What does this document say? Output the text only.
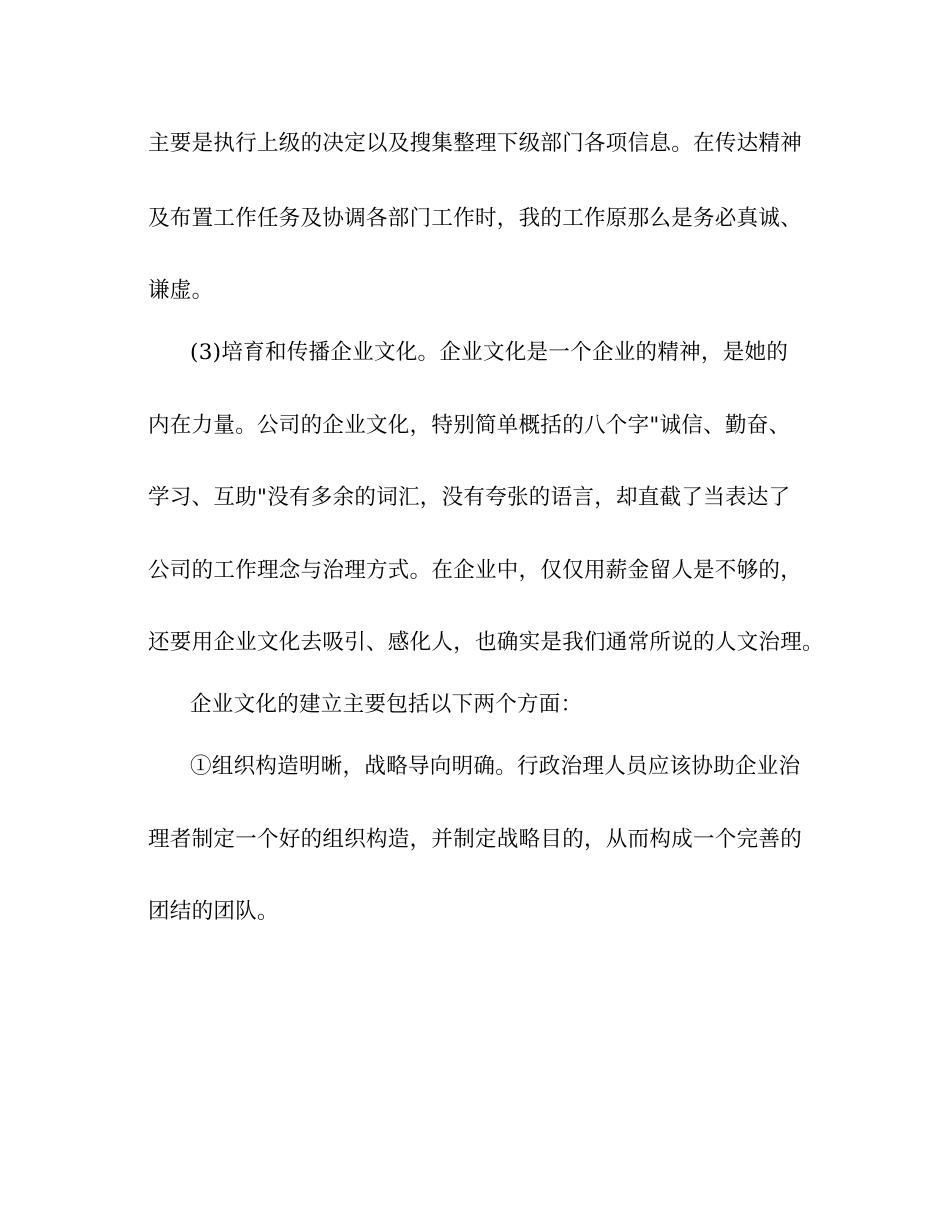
主要是执行上级的决定以及搜集整理下级部门各项信息。在传达精神
及布置工作任务及协调各部门工作时，我的工作原那么是务必真诚、
谦虚。
(3)培育和传播企业文化。企业文化是一个企业的精神，是她的
内在力量。公司的企业文化，特别简单概括的八个字"诚信、勤奋、
学习、互助"没有多余的词汇，没有夸张的语言，却直截了当表达了
公司的工作理念与治理方式。在企业中，仅仅用薪金留人是不够的，
还要用企业文化去吸引、感化人，也确实是我们通常所说的人文治理。
企业文化的建立主要包括以下两个方面：
①组织构造明晰，战略导向明确。行政治理人员应该协助企业治
理者制定一个好的组织构造，并制定战略目的，从而构成一个完善的
团结的团队。
